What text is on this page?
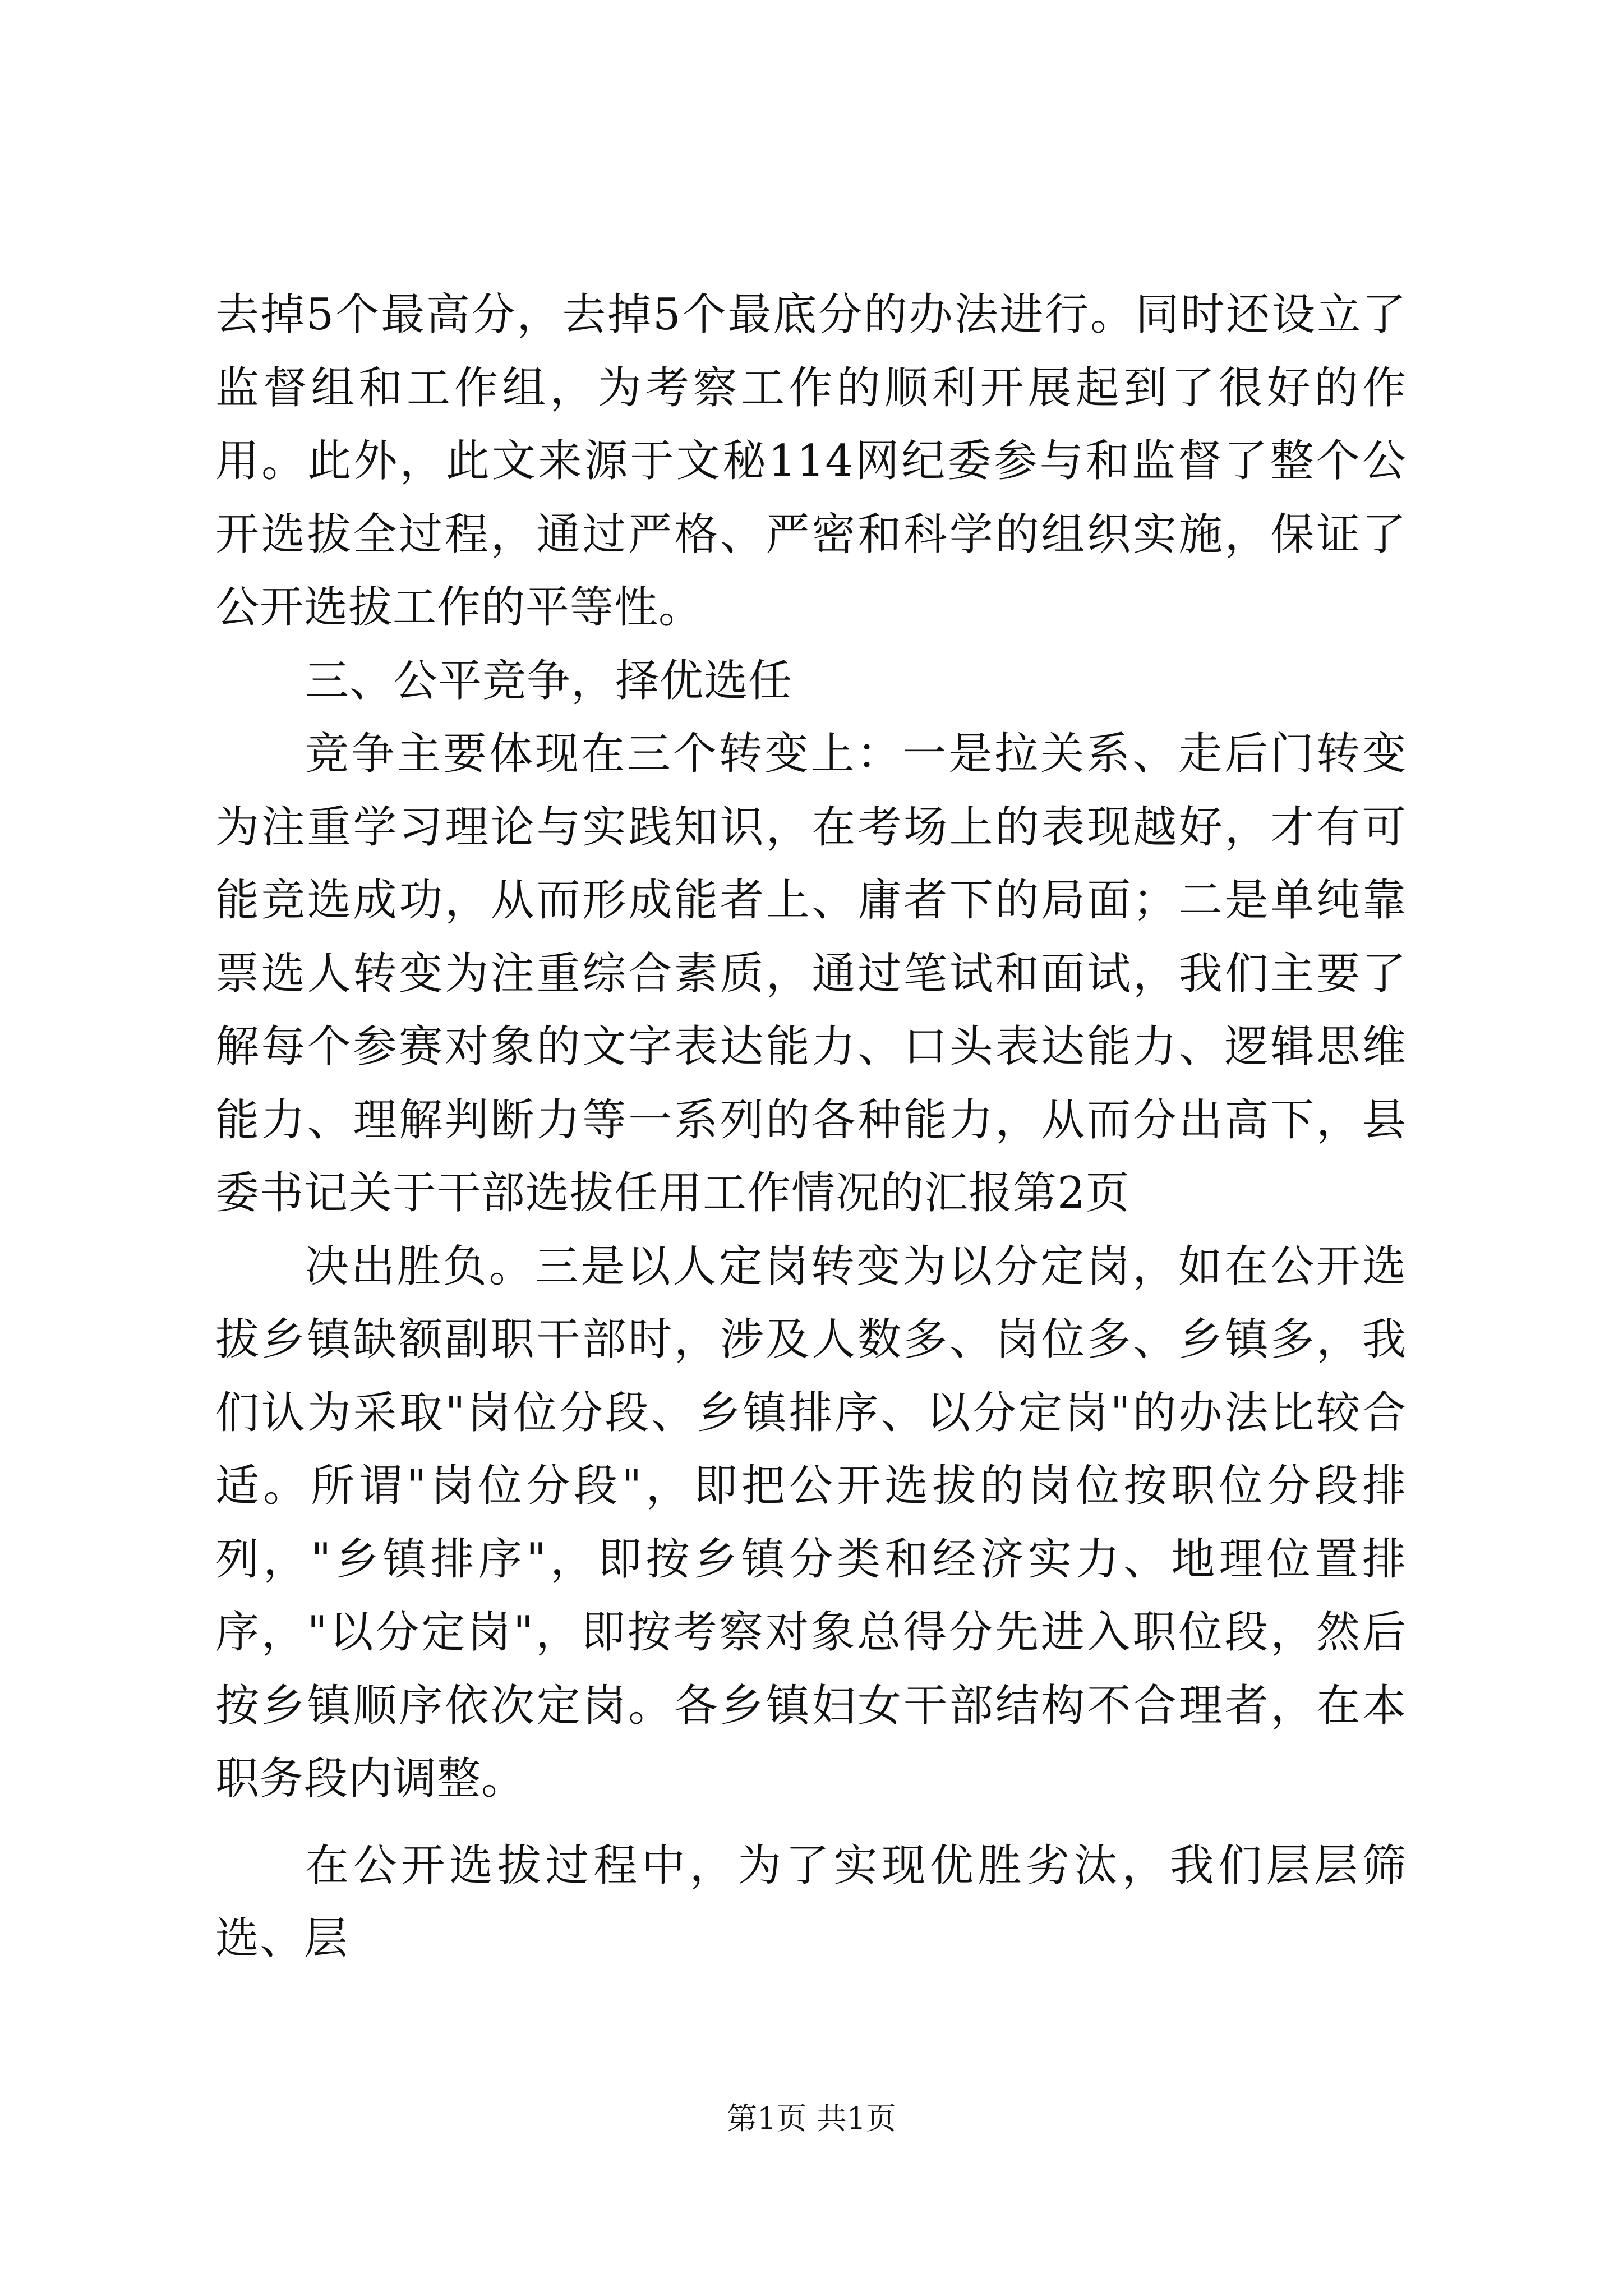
去掉5个最高分，去掉5个最底分的办法进行。同时还设立了监督组和工作组，为考察工作的顺利开展起到了很好的作用。此外，此文来源于文秘114网纪委参与和监督了整个公开选拔全过程，通过严格、严密和科学的组织实施，保证了公开选拔工作的平等性。

三、公平竞争，择优选任

竞争主要体现在三个转变上：一是拉关系、走后门转变为注重学习理论与实践知识，在考场上的表现越好，才有可能竞选成功，从而形成能者上、庸者下的局面；二是单纯靠票选人转变为注重综合素质，通过笔试和面试，我们主要了解每个参赛对象的文字表达能力、口头表达能力、逻辑思维能力、理解判断力等一系列的各种能力，从而分出高下，县委书记关于干部选拔任用工作情况的汇报第2页

决出胜负。三是以人定岗转变为以分定岗，如在公开选拔乡镇缺额副职干部时，涉及人数多、岗位多、乡镇多，我们认为采取"岗位分段、乡镇排序、以分定岗"的办法比较合适。所谓"岗位分段"，即把公开选拔的岗位按职位分段排列，"乡镇排序"，即按乡镇分类和经济实力、地理位置排序，"以分定岗"，即按考察对象总得分先进入职位段，然后按乡镇顺序依次定岗。各乡镇妇女干部结构不合理者，在本职务段内调整。

在公开选拔过程中，为了实现优胜劣汰，我们层层筛选、层

第1页 共1页
